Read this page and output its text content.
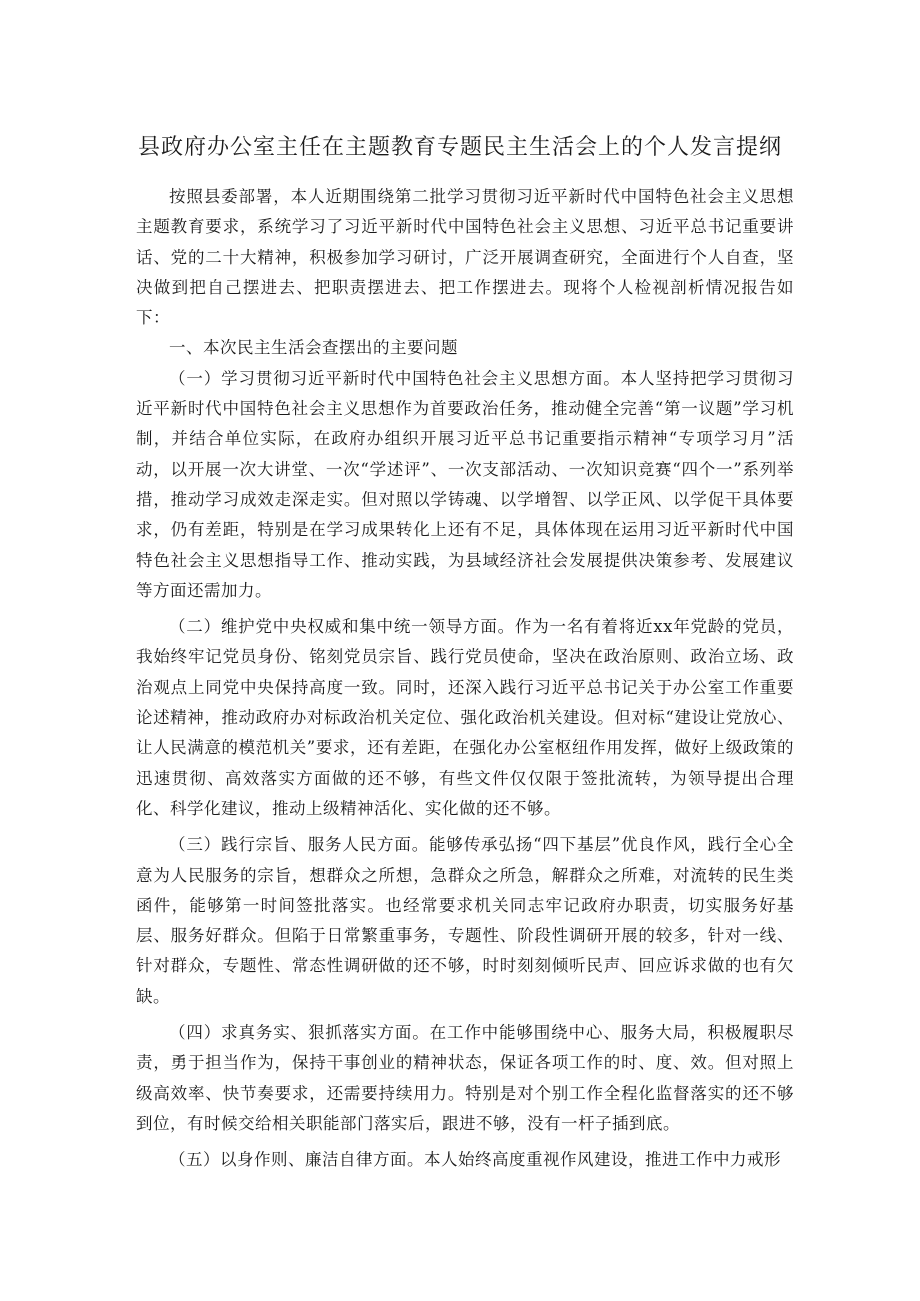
县政府办公室主任在主题教育专题民主生活会上的个人发言提纲

按照县委部署，本人近期围绕第二批学习贯彻习近平新时代中国特色社会主义思想主题教育要求，系统学习了习近平新时代中国特色社会主义思想、习近平总书记重要讲话、党的二十大精神，积极参加学习研讨，广泛开展调查研究，全面进行个人自查，坚决做到把自己摆进去、把职责摆进去、把工作摆进去。现将个人检视剖析情况报告如下：

一、本次民主生活会查摆出的主要问题

（一）学习贯彻习近平新时代中国特色社会主义思想方面。本人坚持把学习贯彻习近平新时代中国特色社会主义思想作为首要政治任务，推动健全完善“第一议题”学习机制，并结合单位实际，在政府办组织开展习近平总书记重要指示精神“专项学习月”活动，以开展一次大讲堂、一次“学述评”、一次支部活动、一次知识竞赛“四个一”系列举措，推动学习成效走深走实。但对照以学铸魂、以学增智、以学正风、以学促干具体要求，仍有差距，特别是在学习成果转化上还有不足，具体体现在运用习近平新时代中国特色社会主义思想指导工作、推动实践，为县域经济社会发展提供决策参考、发展建议等方面还需加力。

（二）维护党中央权威和集中统一领导方面。作为一名有着将近xx年党龄的党员，我始终牢记党员身份、铭刻党员宗旨、践行党员使命，坚决在政治原则、政治立场、政治观点上同党中央保持高度一致。同时，还深入践行习近平总书记关于办公室工作重要论述精神，推动政府办对标政治机关定位、强化政治机关建设。但对标“建设让党放心、让人民满意的模范机关”要求，还有差距，在强化办公室枢纽作用发挥，做好上级政策的迅速贯彻、高效落实方面做的还不够，有些文件仅仅限于签批流转，为领导提出合理化、科学化建议，推动上级精神活化、实化做的还不够。

（三）践行宗旨、服务人民方面。能够传承弘扬“四下基层”优良作风，践行全心全意为人民服务的宗旨，想群众之所想，急群众之所急，解群众之所难，对流转的民生类函件，能够第一时间签批落实。也经常要求机关同志牢记政府办职责，切实服务好基层、服务好群众。但陷于日常繁重事务，专题性、阶段性调研开展的较多，针对一线、针对群众，专题性、常态性调研做的还不够，时时刻刻倾听民声、回应诉求做的也有欠缺。

（四）求真务实、狠抓落实方面。在工作中能够围绕中心、服务大局，积极履职尽责，勇于担当作为，保持干事创业的精神状态，保证各项工作的时、度、效。但对照上级高效率、快节奏要求，还需要持续用力。特别是对个别工作全程化监督落实的还不够到位，有时候交给相关职能部门落实后，跟进不够，没有一杆子插到底。

（五）以身作则、廉洁自律方面。本人始终高度重视作风建设，推进工作中力戒形
